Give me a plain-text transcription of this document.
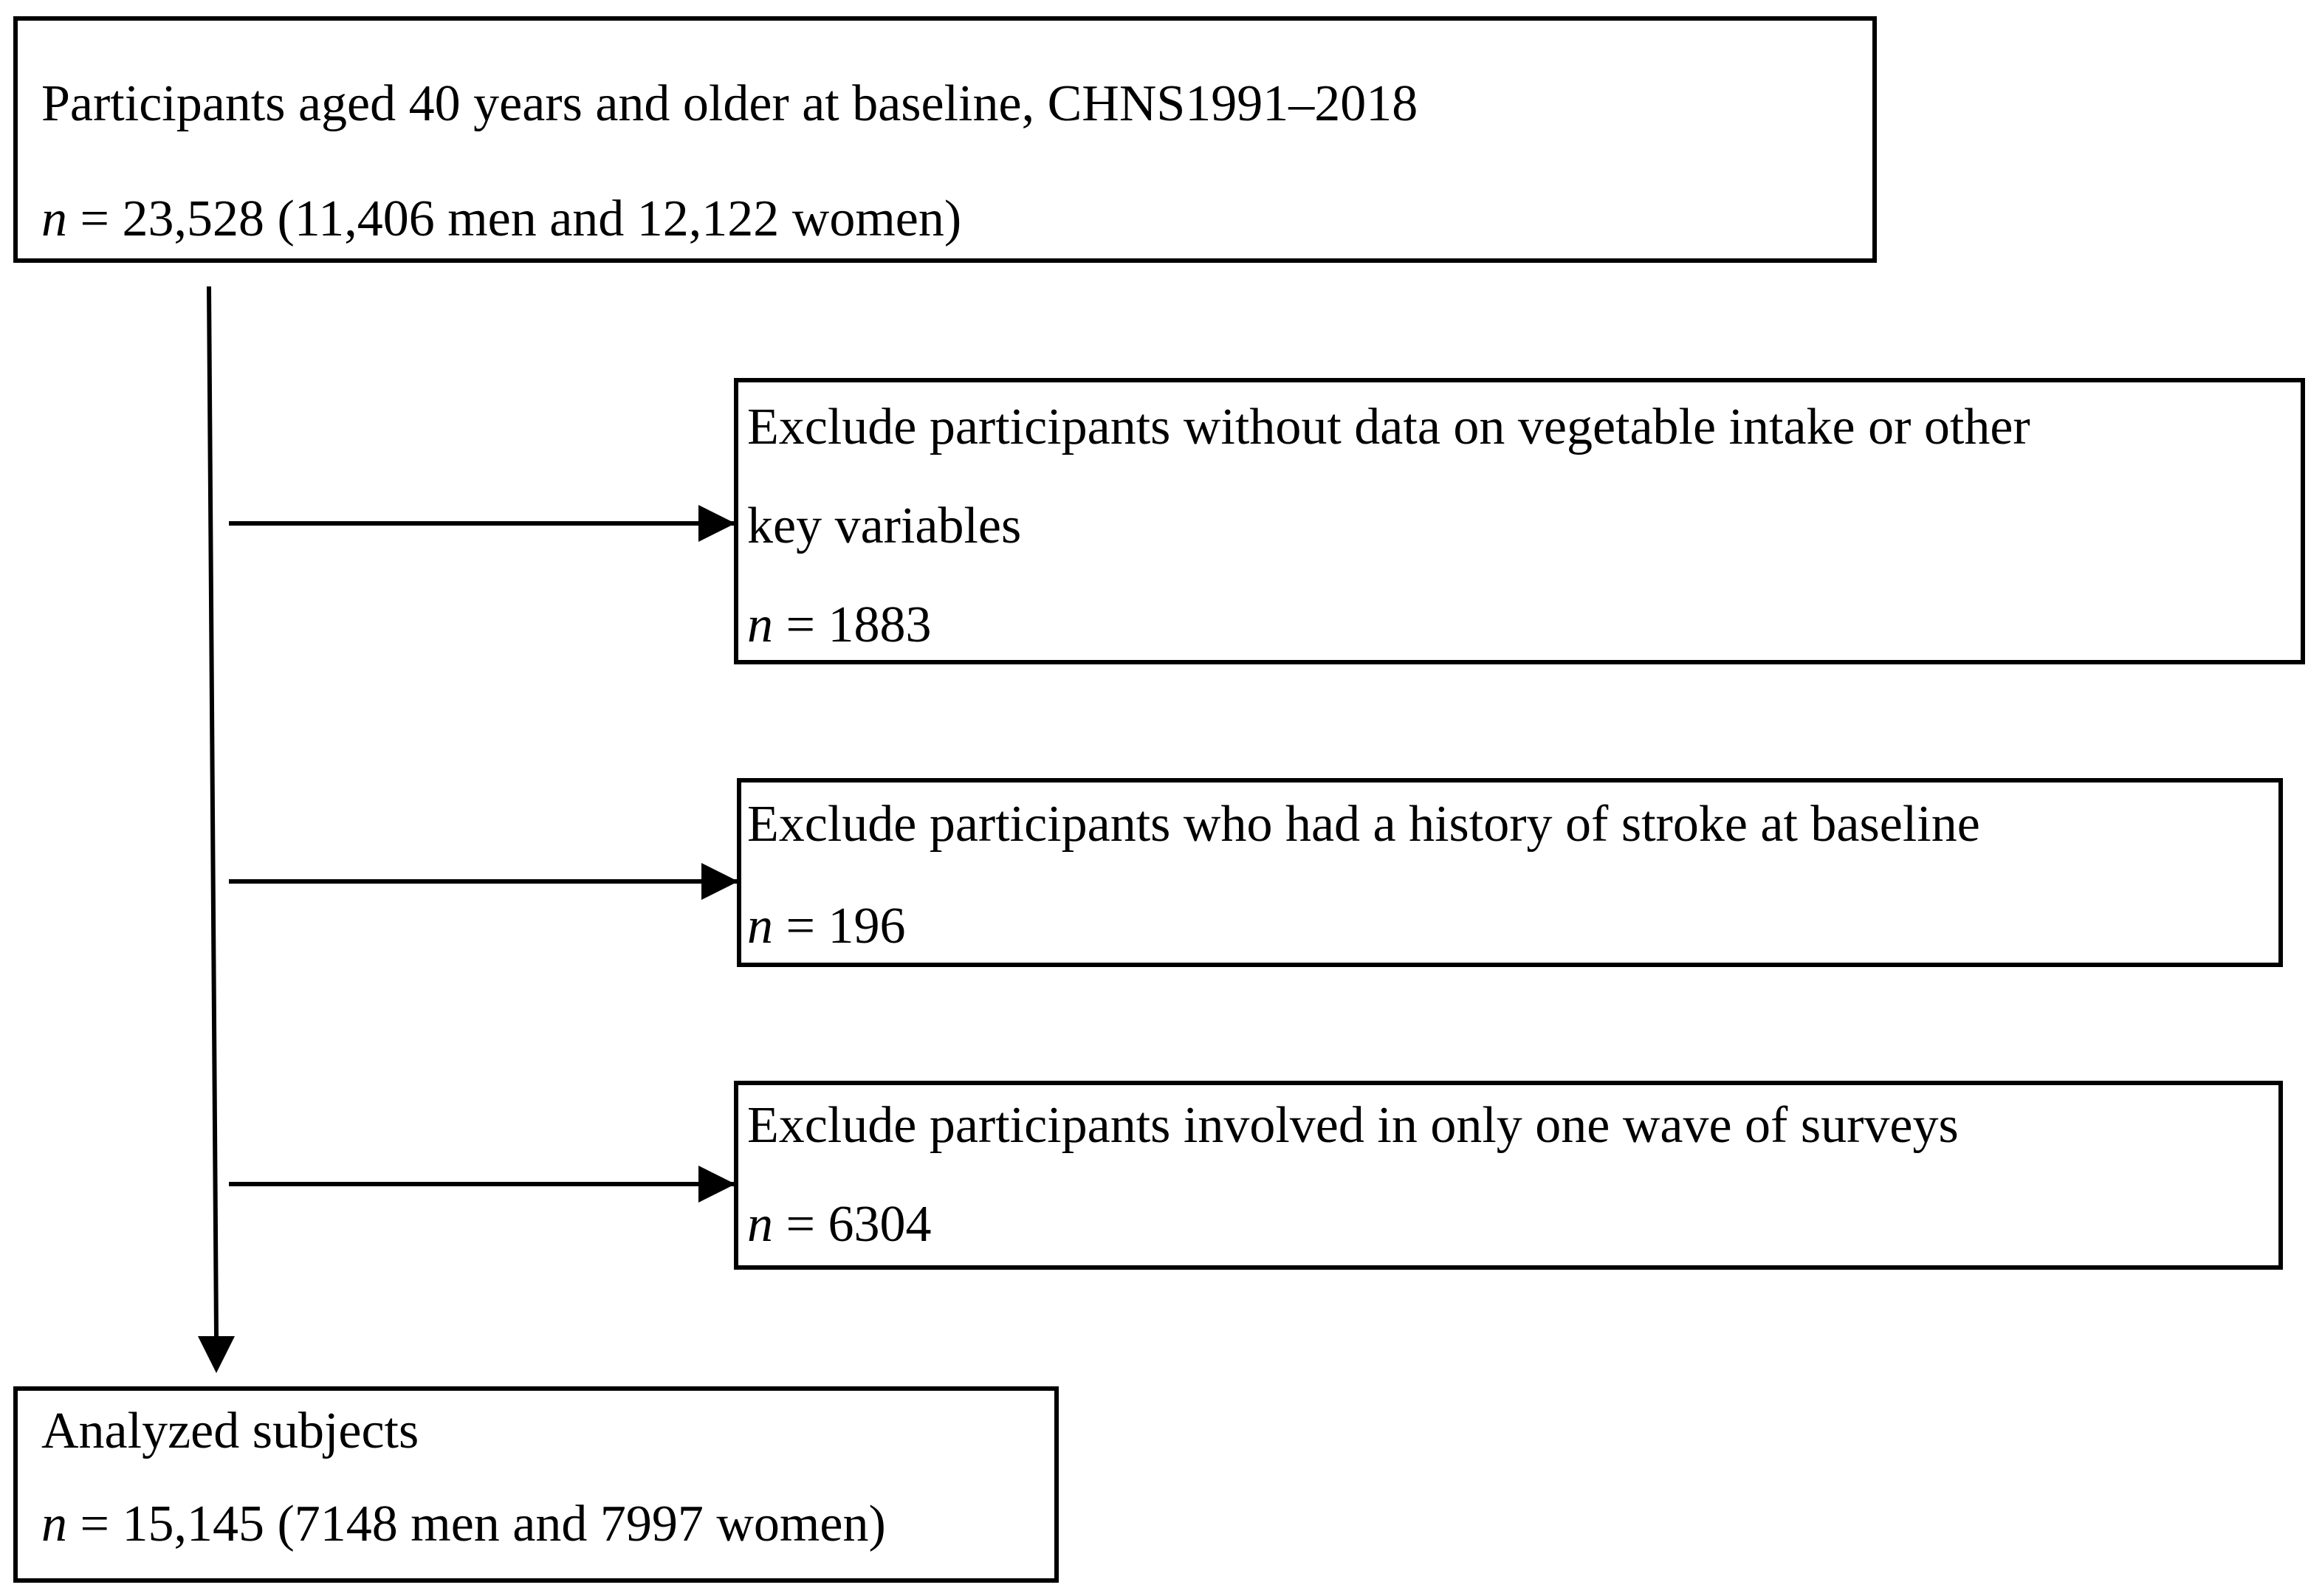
Participants aged 40 years and older at baseline, CHNS1991–2018
n = 23,528 (11,406 men and 12,122 women)
Exclude participants without data on vegetable intake or other
key variables
n = 1883
Exclude participants who had a history of stroke at baseline
n = 196
Exclude participants involved in only one wave of surveys
n = 6304
Analyzed subjects
n = 15,145 (7148 men and 7997 women)
